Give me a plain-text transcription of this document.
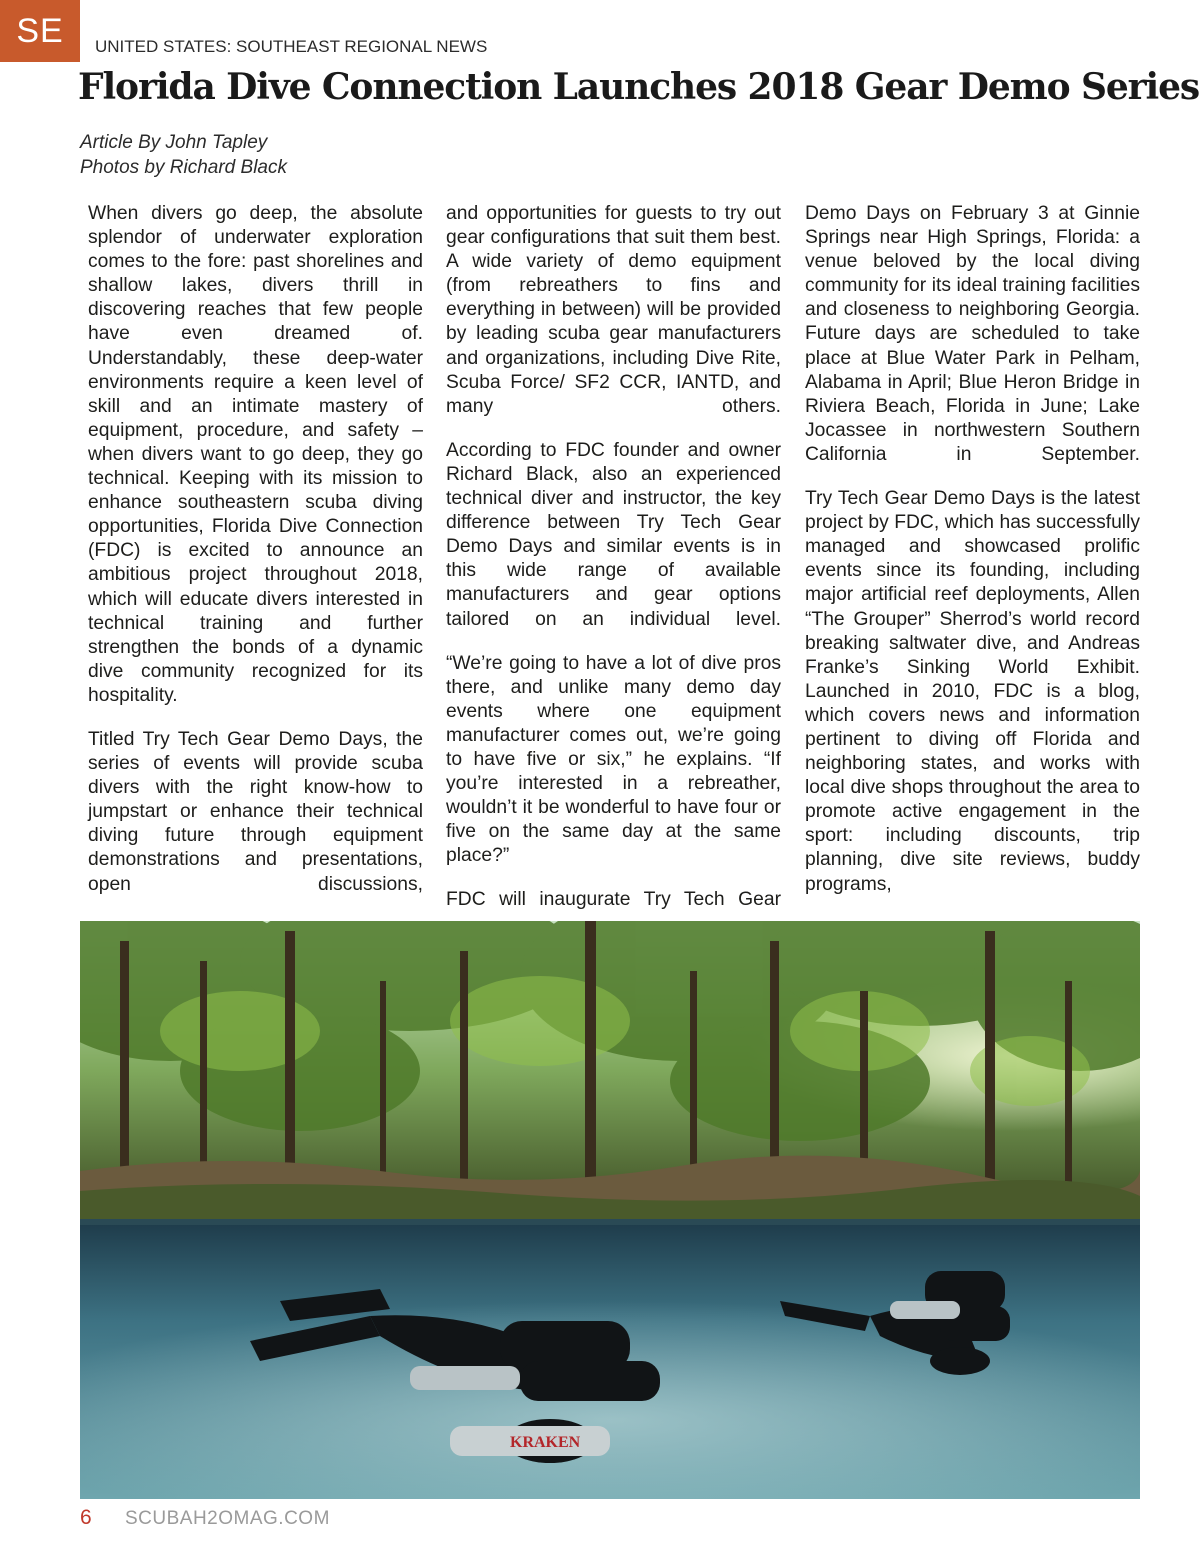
SE	UNITED STATES: SOUTHEAST REGIONAL NEWS
Florida Dive Connection Launches 2018 Gear Demo Series
Article By John Tapley
Photos by Richard Black

When divers go deep, the absolute splendor of underwater exploration comes to the fore: past shorelines and shallow lakes, divers thrill in discovering reaches that few people have even dreamed of. Understandably, these deep-water environments require a keen level of skill and an intimate mastery of equipment, procedure, and safety – when divers want to go deep, they go technical. Keeping with its mission to enhance southeastern scuba diving opportunities, Florida Dive Connection (FDC) is excited to announce an ambitious project throughout 2018, which will educate divers interested in technical training and further strengthen the bonds of a dynamic dive community recognized for its hospitality.

Titled Try Tech Gear Demo Days, the series of events will provide scuba divers with the right know-how to jumpstart or enhance their technical diving future through equipment demonstrations and presentations, open discussions,

and opportunities for guests to try out gear configurations that suit them best. A wide variety of demo equipment (from rebreathers to fins and everything in between) will be provided by leading scuba gear manufacturers and organizations, including Dive Rite, Scuba Force/ SF2 CCR, IANTD, and many others.

According to FDC founder and owner Richard Black, also an experienced technical diver and instructor, the key difference between Try Tech Gear Demo Days and similar events is in this wide range of available manufacturers and gear options tailored on an individual level.

“We’re going to have a lot of dive pros there, and unlike many demo day events where one equipment manufacturer comes out, we’re going to have five or six,” he explains. “If you’re interested in a rebreather, wouldn’t it be wonderful to have four or five on the same day at the same place?”

FDC will inaugurate Try Tech Gear

Demo Days on February 3 at Ginnie Springs near High Springs, Florida: a venue beloved by the local diving community for its ideal training facilities and closeness to neighboring Georgia. Future days are scheduled to take place at Blue Water Park in Pelham, Alabama in April; Blue Heron Bridge in Riviera Beach, Florida in June; Lake Jocassee in northwestern Southern California in September.

Try Tech Gear Demo Days is the latest project by FDC, which has successfully managed and showcased prolific events since its founding, including major artificial reef deployments, Allen “The Grouper” Sherrod’s world record breaking saltwater dive, and Andreas Franke’s Sinking World Exhibit. Launched in 2010, FDC is a blog, which covers news and information pertinent to diving off Florida and neighboring states, and works with local dive shops throughout the area to promote active engagement in the sport: including discounts, trip planning, dive site reviews, buddy programs,

KRAKEN
6 SCUBAH2OMAG.COM
